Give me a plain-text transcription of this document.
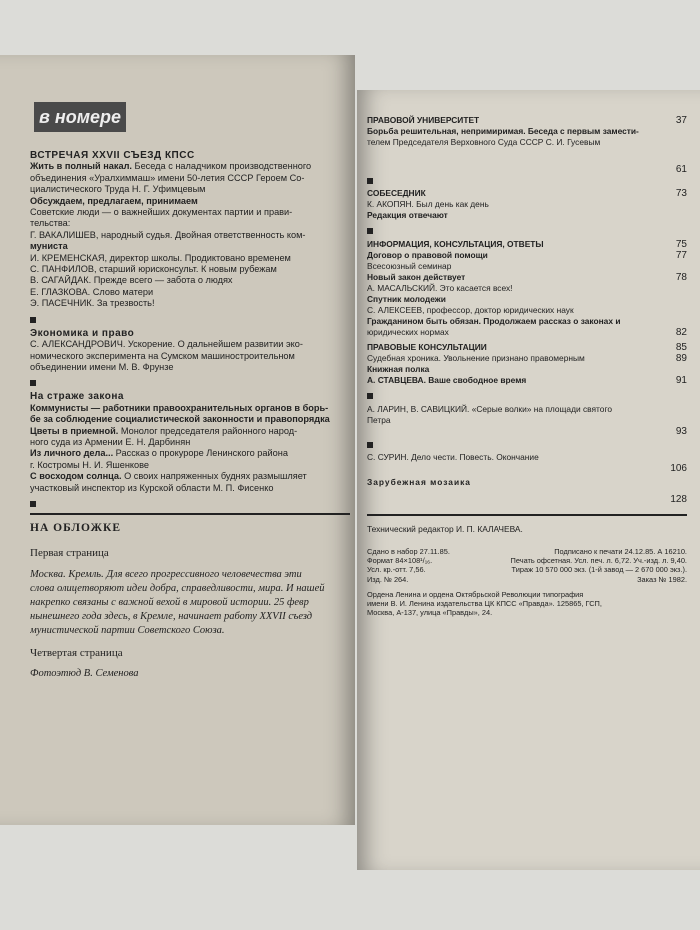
в номере
ВСТРЕЧАЯ XXVII СЪЕЗД КПСС
Жить в полный накал. Беседа с наладчиком производственного
объединения «Уралхиммаш» имени 50-летия СССР Героем Со-
циалистического Труда Н. Г. Уфимцевым
Обсуждаем, предлагаем, принимаем
Советские люди — о важнейших документах партии и прави-
тельства:
Г. ВАКАЛИШЕВ, народный судья. Двойная ответственность ком-
мунистa
И. КРЕМЕНСКАЯ, директор школы. Продиктовано временем
С. ПАНФИЛОВ, старший юрисконсульт. К новым рубежам
В. САГАЙДАК. Прежде всего — забота о людях
Е. ГЛАЗКОВА. Слово матери
Э. ПАСЕЧНИК. За трезвость!
Экономика и право
С. АЛЕКСАНДРОВИЧ. Ускорение. О дальнейшем развитии эко-
номического эксперимента на Сумском машиностроительном
объединении имени М. В. Фрунзе
На страже закона
Коммунисты — работники правоохранительных органов в борь-
бе за соблюдение социалистической законности и правопорядка
Цветы в приемной. Монолог председателя районного народ-
ного суда из Армении Е. Н. Дарбинян
Из личного дела... Рассказ о прокуроре Ленинского района
г. Костромы Н. И. Яшенкове
С восходом солнца. О своих напряженных буднях размышляет
участковый инспектор из Курской области М. П. Фисенко
НА ОБЛОЖКЕ
Первая страница
Москва. Кремль. Для всего прогрессивного человечества эти
слова олицетворяют идеи добра, справедливости, мира. И нашей
накрепко связаны с важной вехой в мировой истории. 25 февр
нынешнего года здесь, в Кремле, начинает работу XXVII съезд
мунистической партии Советского Союза.
Четвертая страница
Фотоэтюд В. Семенова
ПРАВОВОЙ УНИВЕРСИТЕТ	37
Борьба решительная, непримиримая. Беседа с первым замести-
телем Председателя Верховного Суда СССР С. И. Гусевым
61
СОБЕСЕДНИК	73
К. АКОПЯН. Был день как день
Редакция отвечают
ИНФОРМАЦИЯ, КОНСУЛЬТАЦИЯ, ОТВЕТЫ	75
Договор о правовой помощи	77
Всесоюзный семинар
Новый закон действует	78
А. МАСАЛЬСКИЙ. Это касается всех!
Спутник молодежи
С. АЛЕКСЕЕВ, профессор, доктор юридических наук
Гражданином быть обязан. Продолжаем рассказ о законах и
юридических нормах	82
ПРАВОВЫЕ КОНСУЛЬТАЦИИ	85
Судебная хроника. Увольнение признано правомерным	89
Книжная полка
А. СТАВЦЕВА. Ваше свободное время	91
А. ЛАРИН, В. САВИЦКИЙ. «Серые волки» на площади святого
Петра
93
С. СУРИН. Дело чести. Повесть. Окончание
106
Зарубежная мозаика
128
Технический редактор И. П. КАЛАЧЕВА.
Сдано в набор 27.11.85.	Подписано к печати 24.12.85. А 16210.
Формат 84×108¹/₁₆.	Печать офсетная. Усл. печ. л. 6,72. Уч.-изд. л. 9,40.
Усл. кр.-отт. 7,56.	Тираж 10 570 000 экз. (1-й завод — 2 670 000 экз.).
Изд. № 264.	Заказ № 1982.
Ордена Ленина и ордена Октябрьской Революции типография
имени В. И. Ленина издательства ЦК КПСС «Правда». 125865, ГСП,
Москва, А-137, улица «Правды», 24.
